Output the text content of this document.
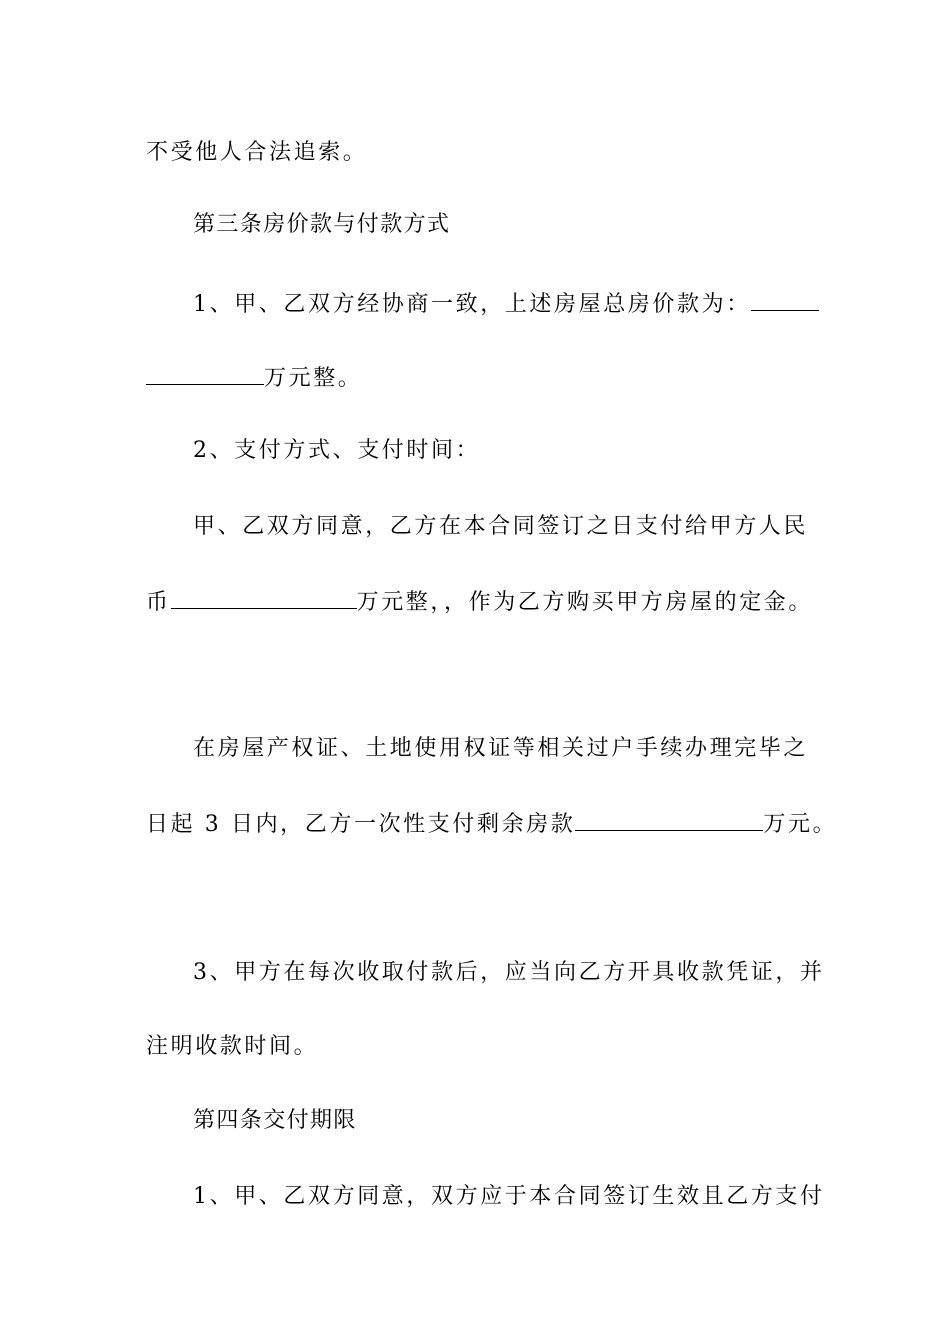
不受他人合法追索。
第三条房价款与付款方式
1、甲、乙双方经协商一致，上述房屋总房价款为：
万元整。
2、支付方式、支付时间：
甲、乙双方同意，乙方在本合同签订之日支付给甲方人民
币	万元整，，作为乙方购买甲方房屋的定金。
在房屋产权证、土地使用权证等相关过户手续办理完毕之
日起 3 日内，乙方一次性支付剩余房款	万元。
3、甲方在每次收取付款后，应当向乙方开具收款凭证，并
注明收款时间。
第四条交付期限
1、甲、乙双方同意，双方应于本合同签订生效且乙方支付
